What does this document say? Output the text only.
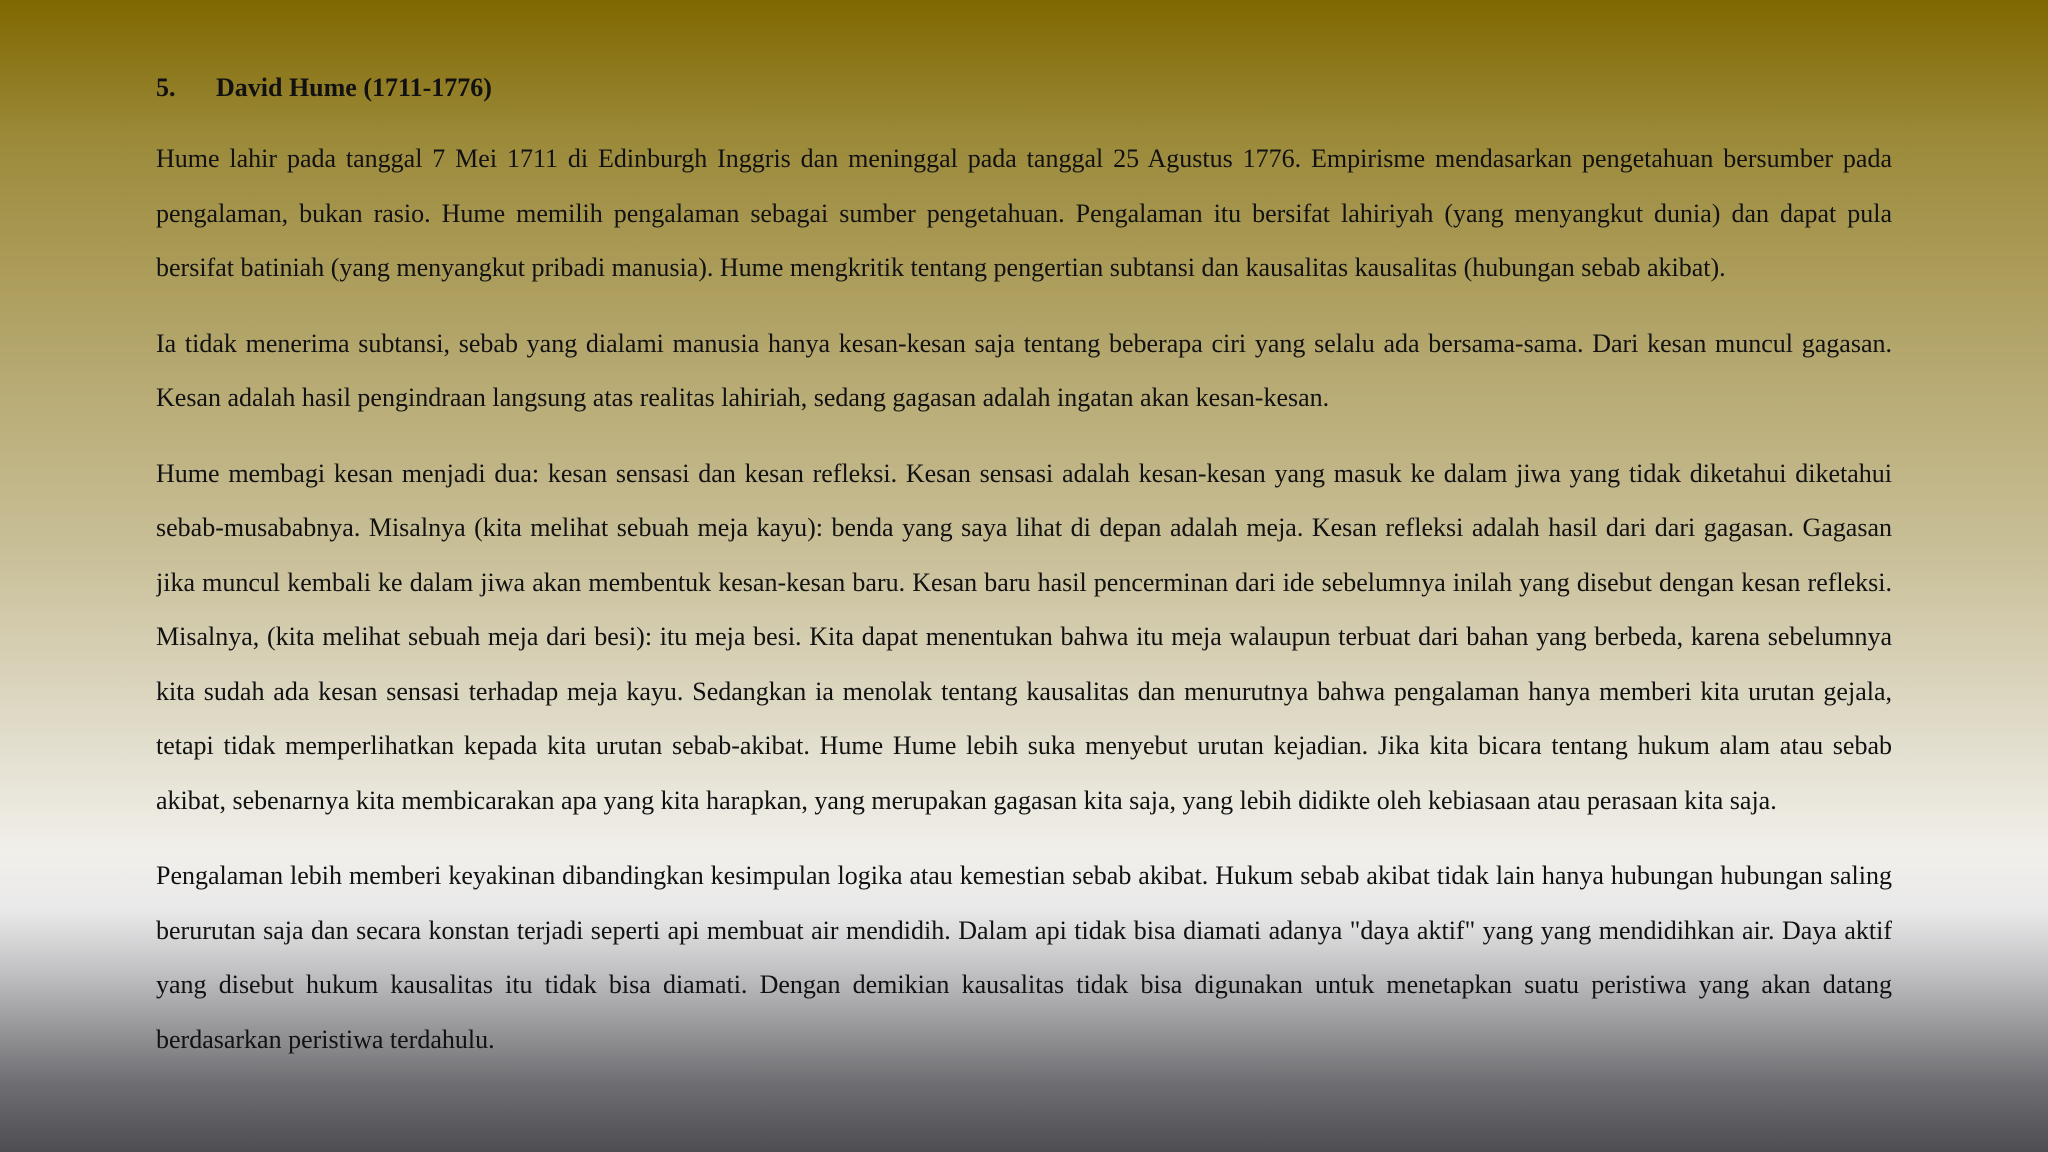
5.	David Hume (1711-1776)

Hume lahir pada tanggal 7 Mei 1711 di Edinburgh Inggris dan meninggal pada tanggal 25 Agustus 1776. Empirisme mendasarkan pengetahuan bersumber pada pengalaman, bukan rasio. Hume memilih pengalaman sebagai sumber pengetahuan. Pengalaman itu bersifat lahiriyah (yang menyangkut dunia) dan dapat pula bersifat batiniah (yang menyangkut pribadi manusia). Hume mengkritik tentang pengertian subtansi dan kausalitas kausalitas (hubungan sebab akibat).

Ia tidak menerima subtansi, sebab yang dialami manusia hanya kesan-kesan saja tentang beberapa ciri yang selalu ada bersama-sama. Dari kesan muncul gagasan. Kesan adalah hasil pengindraan langsung atas realitas lahiriah, sedang gagasan adalah ingatan akan kesan-kesan.

Hume membagi kesan menjadi dua: kesan sensasi dan kesan refleksi. Kesan sensasi adalah kesan-kesan yang masuk ke dalam jiwa yang tidak diketahui diketahui sebab-musababnya. Misalnya (kita melihat sebuah meja kayu): benda yang saya lihat di depan adalah meja. Kesan refleksi adalah hasil dari dari gagasan. Gagasan jika muncul kembali ke dalam jiwa akan membentuk kesan-kesan baru. Kesan baru hasil pencerminan dari ide sebelumnya inilah yang disebut dengan kesan refleksi. Misalnya, (kita melihat sebuah meja dari besi): itu meja besi. Kita dapat menentukan bahwa itu meja walaupun terbuat dari bahan yang berbeda, karena sebelumnya kita sudah ada kesan sensasi terhadap meja kayu. Sedangkan ia menolak tentang kausalitas dan menurutnya bahwa pengalaman hanya memberi kita urutan gejala, tetapi tidak memperlihatkan kepada kita urutan sebab-akibat. Hume Hume lebih suka menyebut urutan kejadian. Jika kita bicara tentang hukum alam atau sebab akibat, sebenarnya kita membicarakan apa yang kita harapkan, yang merupakan gagasan kita saja, yang lebih didikte oleh kebiasaan atau perasaan kita saja.

Pengalaman lebih memberi keyakinan dibandingkan kesimpulan logika atau kemestian sebab akibat. Hukum sebab akibat tidak lain hanya hubungan hubungan saling berurutan saja dan secara konstan terjadi seperti api membuat air mendidih. Dalam api tidak bisa diamati adanya "daya aktif" yang yang mendidihkan air. Daya aktif yang disebut hukum kausalitas itu tidak bisa diamati. Dengan demikian kausalitas tidak bisa digunakan untuk menetapkan suatu peristiwa yang akan datang berdasarkan peristiwa terdahulu.
